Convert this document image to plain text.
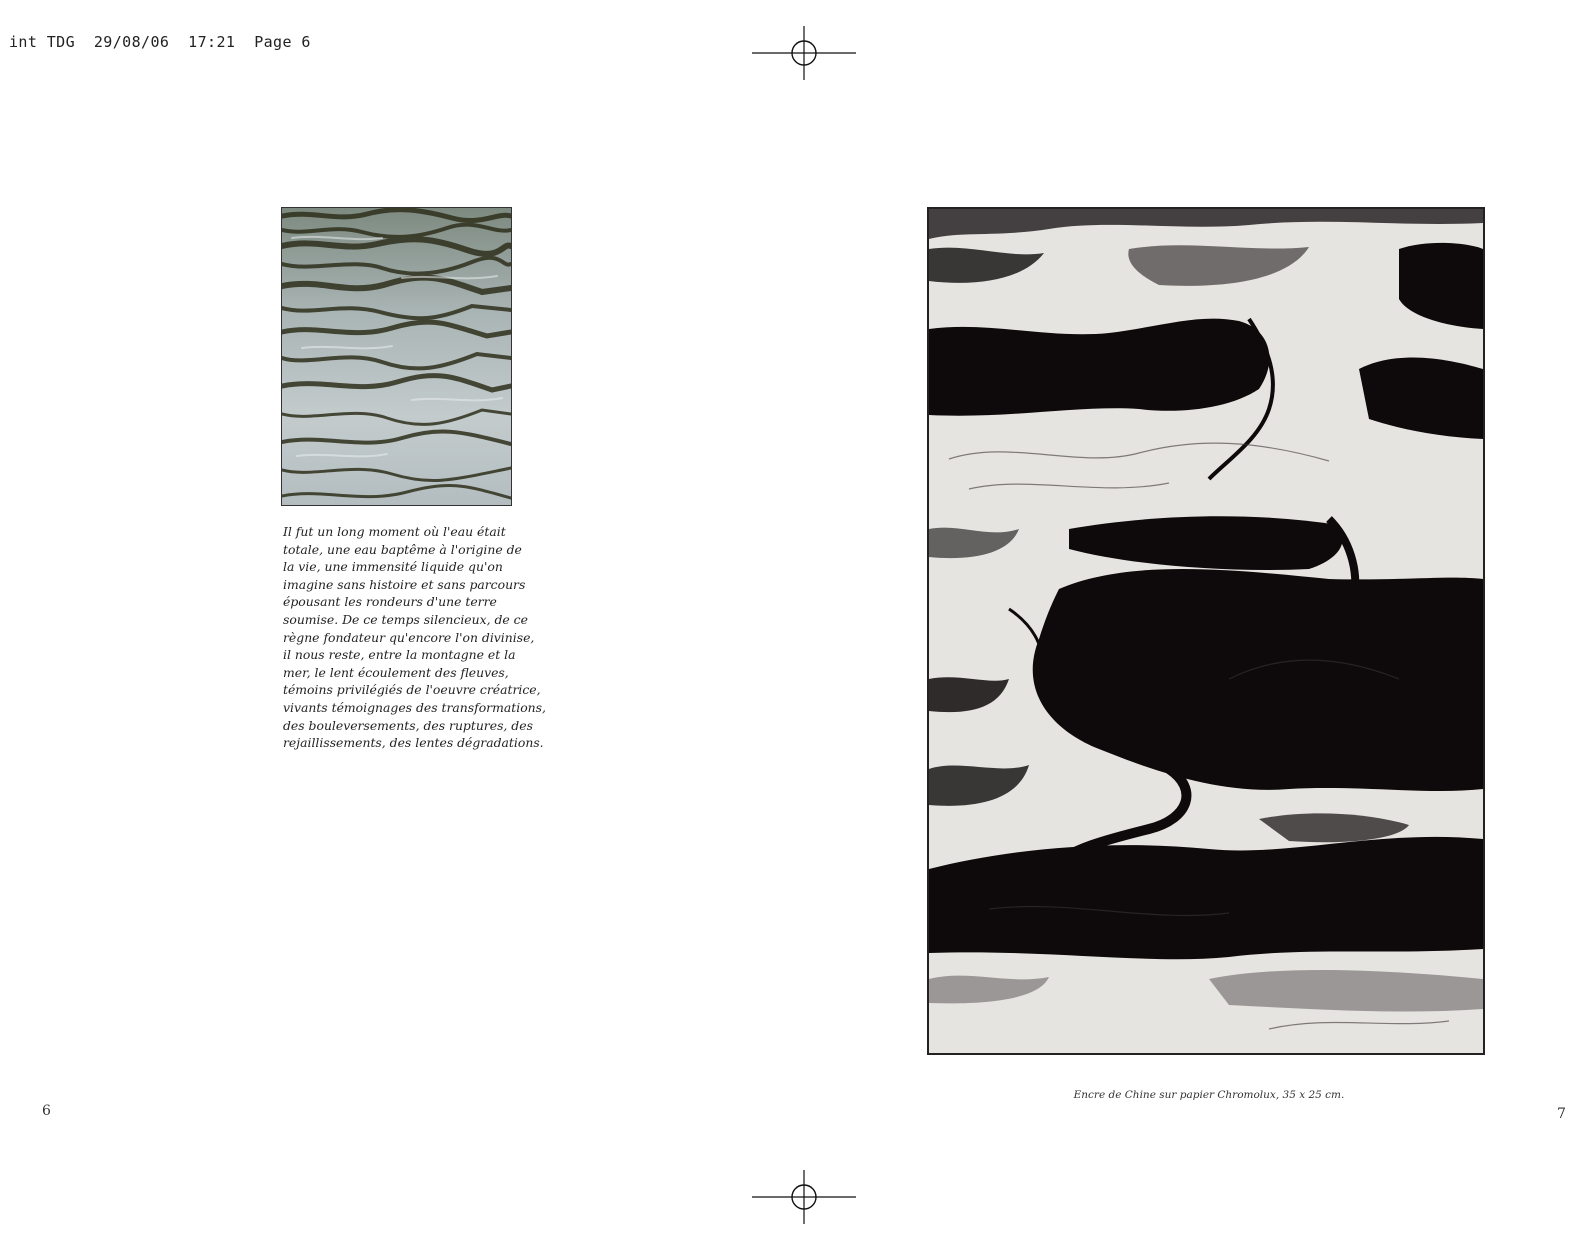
int TDG  29/08/06  17:21  Page 6
Il fut un long moment où l'eau était
totale, une eau baptême à l'origine de
la vie, une immensité liquide qu'on
imagine sans histoire et sans parcours
épousant les rondeurs d'une terre
soumise. De ce temps silencieux, de ce
règne fondateur qu'encore l'on divinise,
il nous reste, entre la montagne et la
mer, le lent écoulement des fleuves,
témoins privilégiés de l'oeuvre créatrice,
vivants témoignages des transformations,
des bouleversements, des ruptures, des
rejaillissements, des lentes dégradations.
Encre de Chine sur papier Chromolux, 35 x 25 cm.
6	7
